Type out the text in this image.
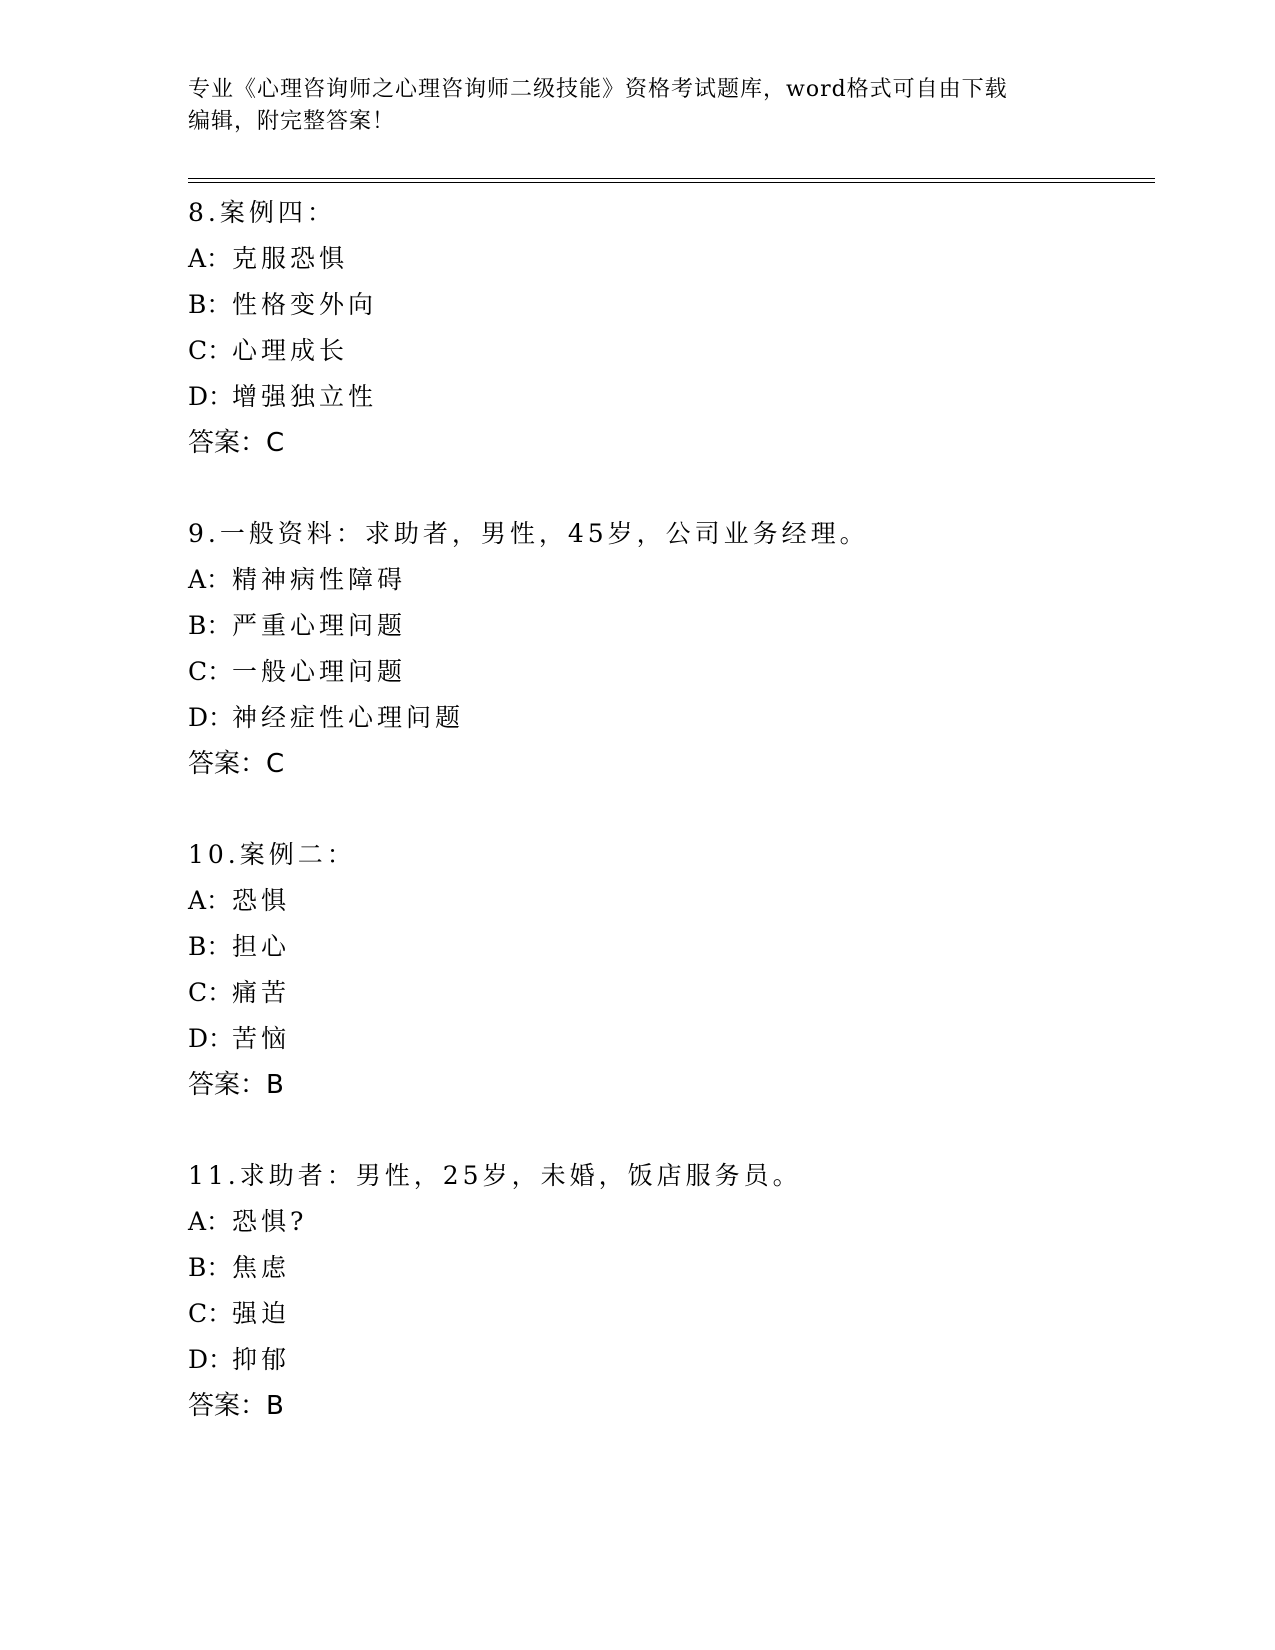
专业《心理咨询师之心理咨询师二级技能》资格考试题库，word格式可自由下载
编辑，附完整答案！
8.案例四：
A：克服恐惧
B：性格变外向
C：心理成长
D：增强独立性
答案：C
9.一般资料：求助者，男性，45岁，公司业务经理。
A：精神病性障碍
B：严重心理问题
C：一般心理问题
D：神经症性心理问题
答案：C
10.案例二：
A：恐惧
B：担心
C：痛苦
D：苦恼
答案：B
11.求助者：男性，25岁，未婚，饭店服务员。
A：恐惧?
B：焦虑
C：强迫
D：抑郁
答案：B
